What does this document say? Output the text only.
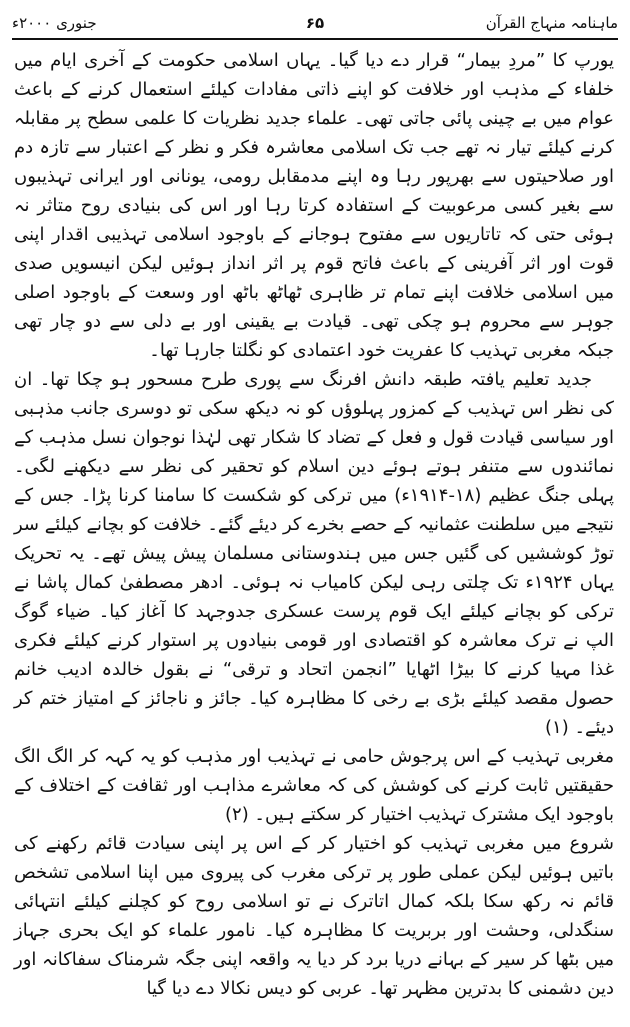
ماہنامہ منہاج القرآن
۶۵
جنوری ۲۰۰۰ء

یورپ کا ”مردِ بیمار“ قرار دے دیا گیا۔ یہاں اسلامی حکومت کے آخری ایام میں خلفاء کے مذہب اور خلافت کو اپنے ذاتی مفادات کیلئے استعمال کرنے کے باعث عوام میں بے چینی پائی جاتی تھی۔ علماء جدید نظریات کا علمی سطح پر مقابلہ کرنے کیلئے تیار نہ تھے جب تک اسلامی معاشرہ فکر و نظر کے اعتبار سے تازہ دم اور صلاحیتوں سے بھرپور رہا وہ اپنے مدمقابل رومی، یونانی اور ایرانی تہذیبوں سے بغیر کسی مرعوبیت کے استفادہ کرتا رہا اور اس کی بنیادی روح متاثر نہ ہوئی حتی کہ تاتاریوں سے مفتوح ہوجانے کے باوجود اسلامی تہذیبی اقدار اپنی قوت اور اثر آفرینی کے باعث فاتح قوم پر اثر انداز ہوئیں لیکن انیسویں صدی میں اسلامی خلافت اپنے تمام تر ظاہری ٹھاٹھ باٹھ اور وسعت کے باوجود اصلی جوہر سے محروم ہو چکی تھی۔ قیادت بے یقینی اور بے دلی سے دو چار تھی جبکہ مغربی تہذیب کا عفریت خود اعتمادی کو نگلتا جارہا تھا۔

جدید تعلیم یافتہ طبقہ دانش افرنگ سے پوری طرح مسحور ہو چکا تھا۔ ان کی نظر اس تہذیب کے کمزور پہلوؤں کو نہ دیکھ سکی تو دوسری جانب مذہبی اور سیاسی قیادت قول و فعل کے تضاد کا شکار تھی لہٰذا نوجوان نسل مذہب کے نمائندوں سے متنفر ہوتے ہوئے دین اسلام کو تحقیر کی نظر سے دیکھنے لگی۔ پہلی جنگ عظیم (۱۸-۱۹۱۴ء) میں ترکی کو شکست کا سامنا کرنا پڑا۔ جس کے نتیجے میں سلطنت عثمانیہ کے حصے بخرے کر دیئے گئے۔ خلافت کو بچانے کیلئے سر توڑ کوششیں کی گئیں جس میں ہندوستانی مسلمان پیش پیش تھے۔ یہ تحریک یہاں ۱۹۲۴ء تک چلتی رہی لیکن کامیاب نہ ہوئی۔ ادھر مصطفیٰ کمال پاشا نے ترکی کو بچانے کیلئے ایک قوم پرست عسکری جدوجہد کا آغاز کیا۔ ضیاء گوگ الپ نے ترک معاشرہ کو اقتصادی اور قومی بنیادوں پر استوار کرنے کیلئے فکری غذا مہیا کرنے کا بیڑا اٹھایا ”انجمن اتحاد و ترقی“ نے بقول خالدہ ادیب خانم حصول مقصد کیلئے بڑی بے رخی کا مظاہرہ کیا۔ جائز و ناجائز کے امتیاز ختم کر دیئے۔ (۱)

مغربی تہذیب کے اس پرجوش حامی نے تہذیب اور مذہب کو یہ کہہ کر الگ الگ حقیقتیں ثابت کرنے کی کوشش کی کہ معاشرے مذاہب اور ثقافت کے اختلاف کے باوجود ایک مشترک تہذیب اختیار کر سکتے ہیں۔ (۲)

شروع میں مغربی تہذیب کو اختیار کر کے اس پر اپنی سیادت قائم رکھنے کی باتیں ہوئیں لیکن عملی طور پر ترکی مغرب کی پیروی میں اپنا اسلامی تشخص قائم نہ رکھ سکا بلکہ کمال اتاترک نے تو اسلامی روح کو کچلنے کیلئے انتہائی سنگدلی، وحشت اور بربریت کا مظاہرہ کیا۔ نامور علماء کو ایک بحری جہاز میں بٹھا کر سیر کے بہانے دریا برد کر دیا یہ واقعہ اپنی جگہ شرمناک سفاکانہ اور دین دشمنی کا بدترین مظہر تھا۔ عربی کو دیس نکالا دے دیا گیا
